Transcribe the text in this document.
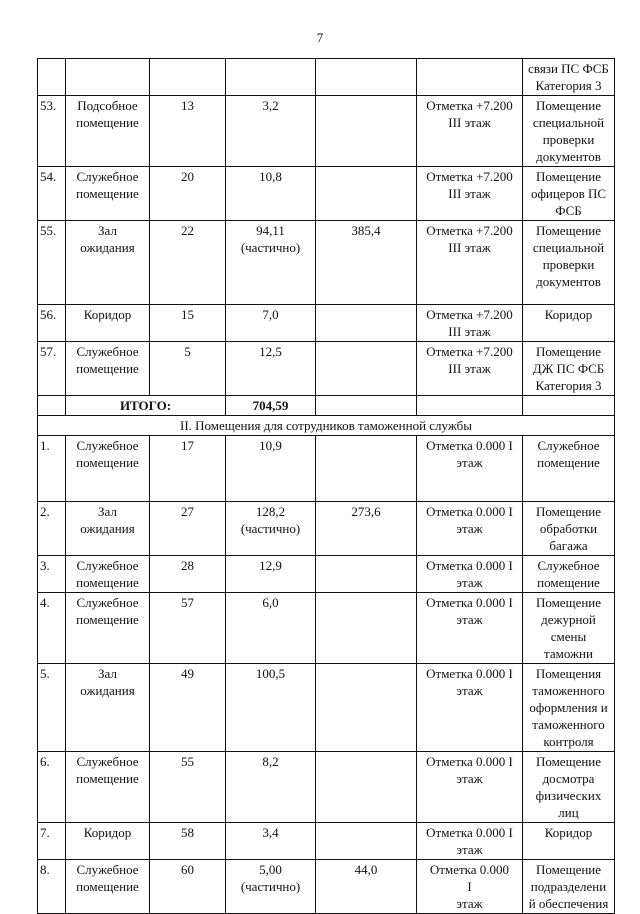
7
						связи ПС ФСБ
Категория 3
53.	Подсобное
помещение	13	3,2		Отметка +7.200
III этаж	Помещение
специальной
проверки
документов
54.	Служебное
помещение	20	10,8		Отметка +7.200
III этаж	Помещение
офицеров ПС
ФСБ
55.	Зал
ожидания	22	94,11
(частично)	385,4	Отметка +7.200
III этаж	Помещение
специальной
проверки
документов
56.	Коридор	15	7,0		Отметка +7.200
III этаж	Коридор
57.	Служебное
помещение	5	12,5		Отметка +7.200
III этаж	Помещение
ДЖ ПС ФСБ
Категория 3
	ИТОГО:		704,59			
II. Помещения для сотрудников таможенной службы						
1.	Служебное
помещение	17	10,9		Отметка 0.000 I
этаж	Служебное
помещение
2.	Зал
ожидания	27	128,2
(частично)	273,6	Отметка 0.000 I
этаж	Помещение
обработки
багажа
3.	Служебное
помещение	28	12,9		Отметка 0.000 I
этаж	Служебное
помещение
4.	Служебное
помещение	57	6,0		Отметка 0.000 I
этаж	Помещение
дежурной
смены
таможни
5.	Зал
ожидания	49	100,5		Отметка 0.000 I
этаж	Помещения
таможенного
оформления и
таможенного
контроля
6.	Служебное
помещение	55	8,2		Отметка 0.000 I
этаж	Помещение
досмотра
физических
лиц
7.	Коридор	58	3,4		Отметка 0.000 I
этаж	Коридор
8.	Служебное
помещение	60	5,00
(частично)	44,0	Отметка 0.000
I
этаж	Помещение
подразделени
й обеспечения
